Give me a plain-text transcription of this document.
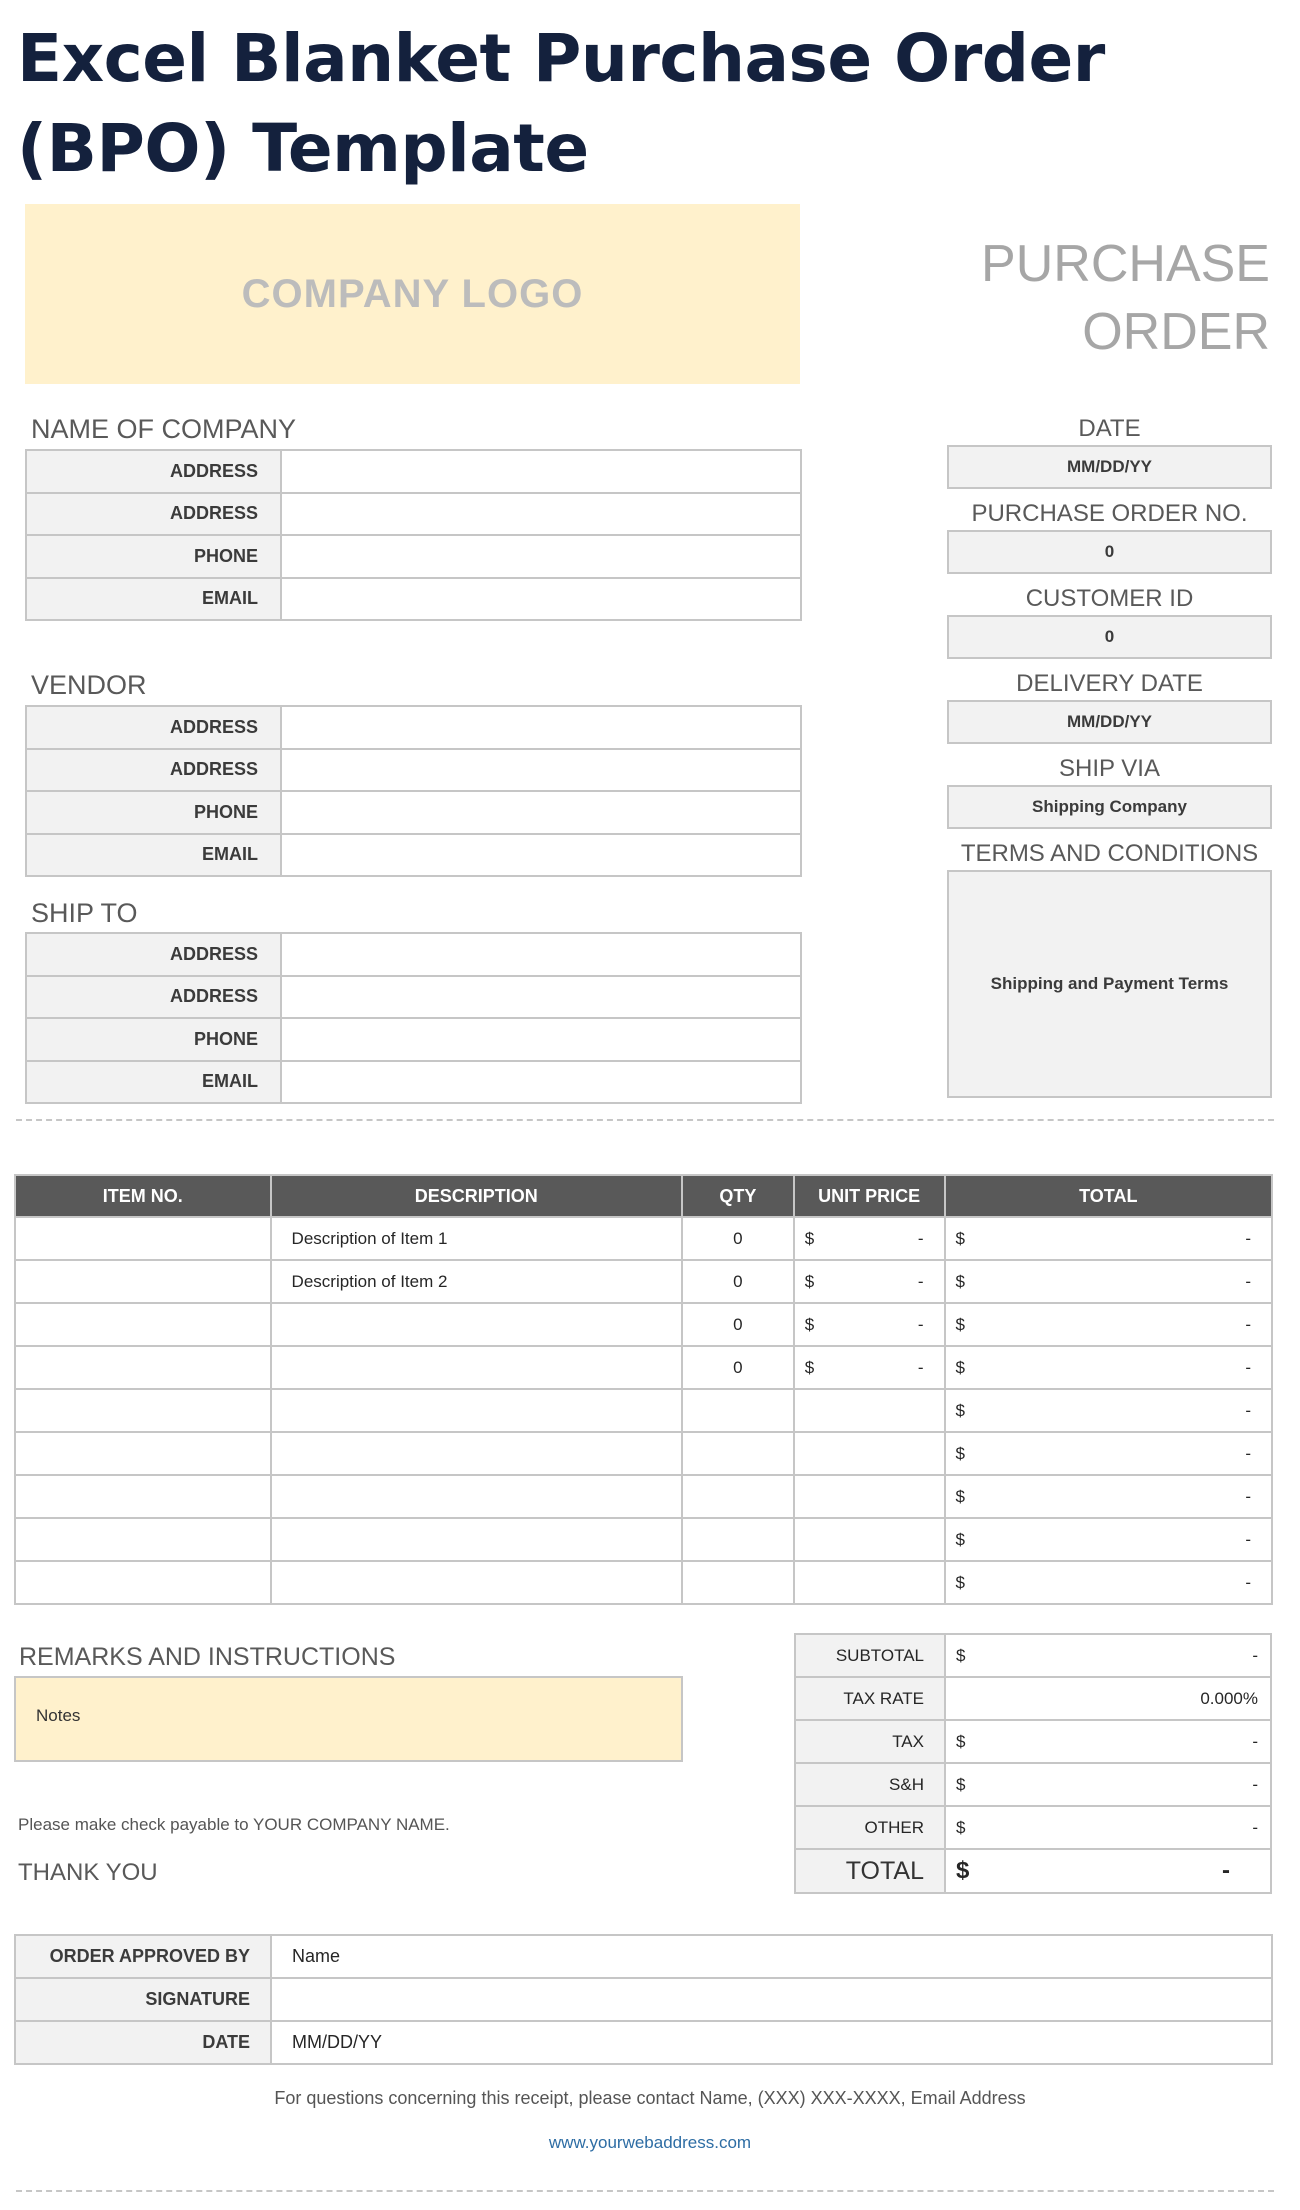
Excel Blanket Purchase Order (BPO) Template
COMPANY LOGO
PURCHASE
ORDER
NAME OF COMPANY
ADDRESS	
ADDRESS	
PHONE	
EMAIL	
VENDOR
ADDRESS	
ADDRESS	
PHONE	
EMAIL	
SHIP TO
ADDRESS	
ADDRESS	
PHONE	
EMAIL	
DATE
MM/DD/YY
PURCHASE ORDER NO.
0
CUSTOMER ID
0
DELIVERY DATE
MM/DD/YY
SHIP VIA
Shipping Company
TERMS AND CONDITIONS
Shipping and Payment Terms
ITEM NO.	DESCRIPTION	QTY	UNIT PRICE	TOTAL
	Description of Item 1	0	$ -	$ -

	Description of Item 2	0	$ -	$ -

		0	$ -	$ -

		0	$ -	$ -

				$ -

				$ -

				$ -

				$ -

				$ -
REMARKS AND INSTRUCTIONS
Notes
Please make check payable to YOUR COMPANY NAME.
THANK YOU
SUBTOTAL	$ -

TAX RATE	0.000%

TAX	$ -

S&H	$ -

OTHER	$ -

TOTAL	$ -
ORDER APPROVED BY	Name
SIGNATURE	
DATE	MM/DD/YY
For questions concerning this receipt, please contact Name, (XXX) XXX-XXXX, Email Address
www.yourwebaddress.com
